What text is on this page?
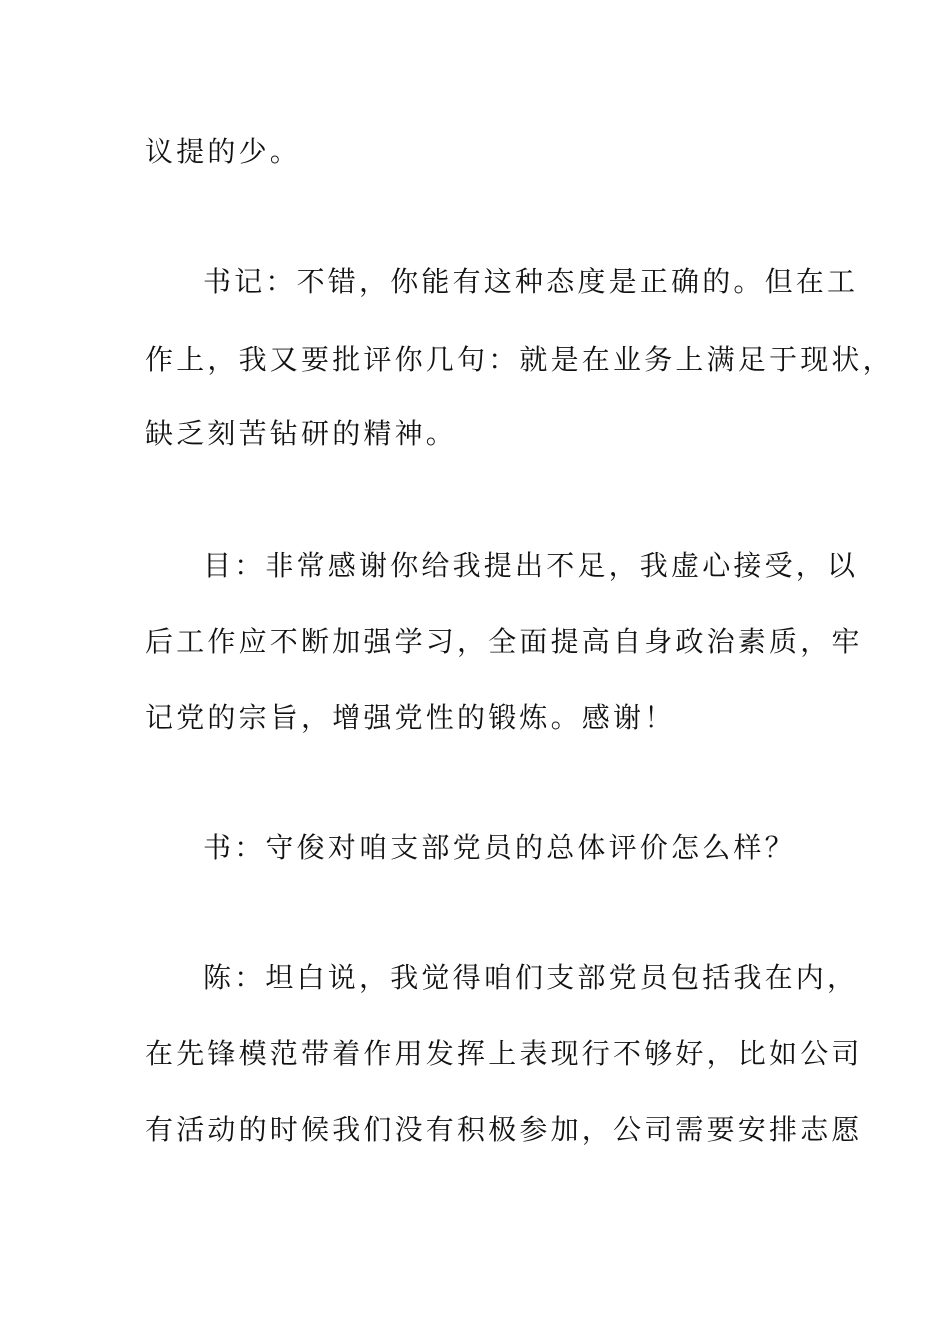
议提的少。
书记：不错，你能有这种态度是正确的。但在工
作上，我又要批评你几句：就是在业务上满足于现状，
缺乏刻苦钻研的精神。
目：非常感谢你给我提出不足，我虚心接受，以
后工作应不断加强学习，全面提高自身政治素质，牢
记党的宗旨，增强党性的锻炼。感谢！
书：守俊对咱支部党员的总体评价怎么样？
陈：坦白说，我觉得咱们支部党员包括我在内，
在先锋模范带着作用发挥上表现行不够好，比如公司
有活动的时候我们没有积极参加，公司需要安排志愿
